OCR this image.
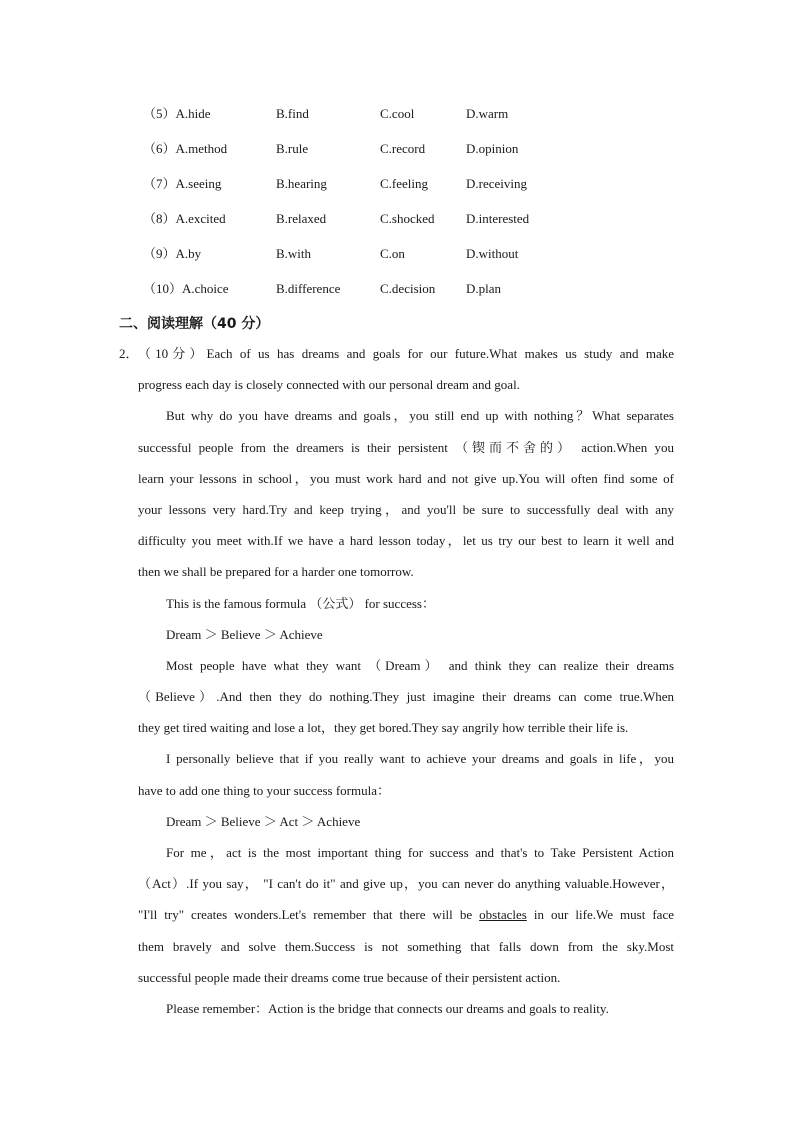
（5）A.hide	B.find	C.cool	D.warm
（6）A.method	B.rule	C.record	D.opinion
（7）A.seeing	B.hearing	C.feeling	D.receiving
（8）A.excited	B.relaxed	C.shocked D.interested
（9）A.by	B.with	C.on	D.without
（10）A.choice	B.difference	C.decision D.plan
二、阅读理解（40 分）
2． （10分）Each of us has dreams and goals for our future.What makes us study and make
progress each day is closely connected with our personal dream and goal.
But why do you have dreams and goals，you still end up with nothing？What separates
successful people from the dreamers is their persistent （锲而不舍的） action.When you
learn your lessons in school，you must work hard and not give up.You will often find some of
your lessons very hard.Try and keep trying，and you'll be sure to successfully deal with any
difficulty you meet with.If we have a hard lesson today，let us try our best to learn it well and
then we shall be prepared for a harder one tomorrow.
This is the famous formula （公式） for success：
Dream ＞ Believe ＞ Achieve
Most people have what they want （Dream） and think they can realize their dreams
（Believe）.And then they do nothing.They just imagine their dreams can come true.When
they get tired waiting and lose a lot，they get bored.They say angrily how terrible their life is.
I personally believe that if you really want to achieve your dreams and goals in life，you
have to add one thing to your success formula：
Dream ＞ Believe ＞ Act ＞ Achieve
For me，act is the most important thing for success and that's to Take Persistent Action
（Act）.If you say， "I can't do it" and give up，you can never do anything valuable.However，
"I'll try" creates wonders.Let's remember that there will be obstacles in our life.We must face
them bravely and solve them.Success is not something that falls down from the sky.Most
successful people made their dreams come true because of their persistent action.
Please remember：Action is the bridge that connects our dreams and goals to reality.
